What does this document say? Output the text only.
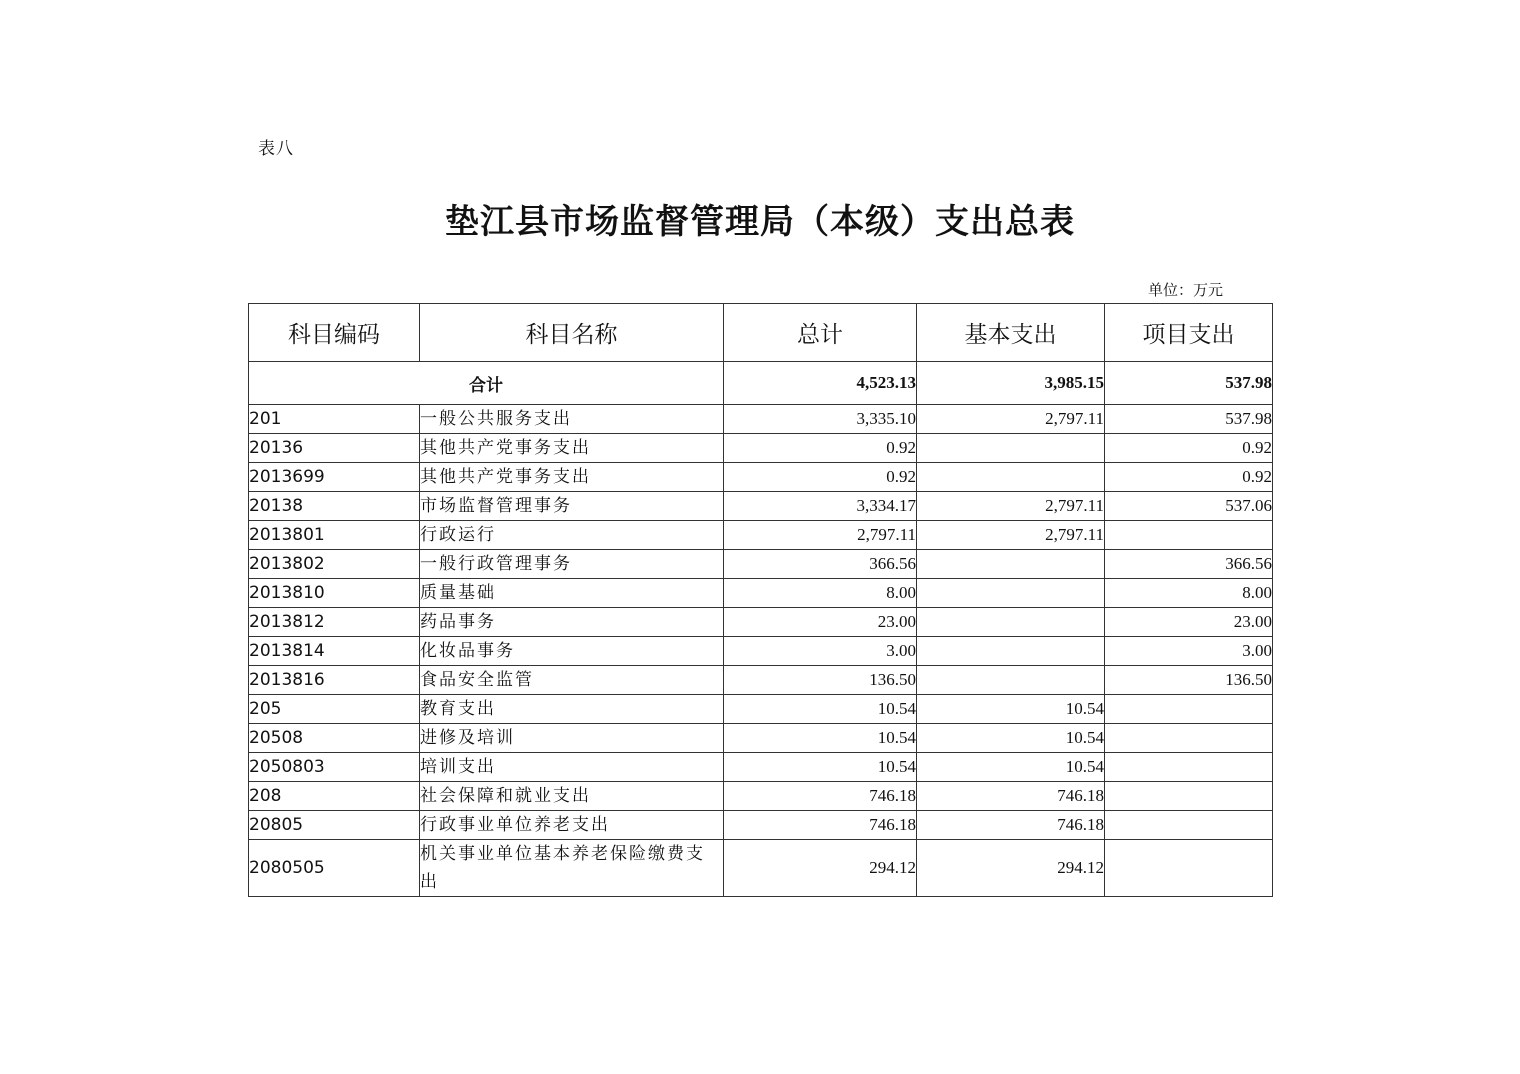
表八
垫江县市场监督管理局（本级）支出总表
单位：万元
科目编码	科目名称	总计	基本支出	项目支出
合计		4,523.13	3,985.15	537.98
201	一般公共服务支出	3,335.10	2,797.11	537.98
20136	其他共产党事务支出	0.92		0.92
2013699	其他共产党事务支出	0.92		0.92
20138	市场监督管理事务	3,334.17	2,797.11	537.06
2013801	行政运行	2,797.11	2,797.11	
2013802	一般行政管理事务	366.56		366.56
2013810	质量基础	8.00		8.00
2013812	药品事务	23.00		23.00
2013814	化妆品事务	3.00		3.00
2013816	食品安全监管	136.50		136.50
205	教育支出	10.54	10.54	
20508	进修及培训	10.54	10.54	
2050803	培训支出	10.54	10.54	
208	社会保障和就业支出	746.18	746.18	
20805	行政事业单位养老支出	746.18	746.18	
2080505	机关事业单位基本养老保险缴费支出	294.12	294.12	
